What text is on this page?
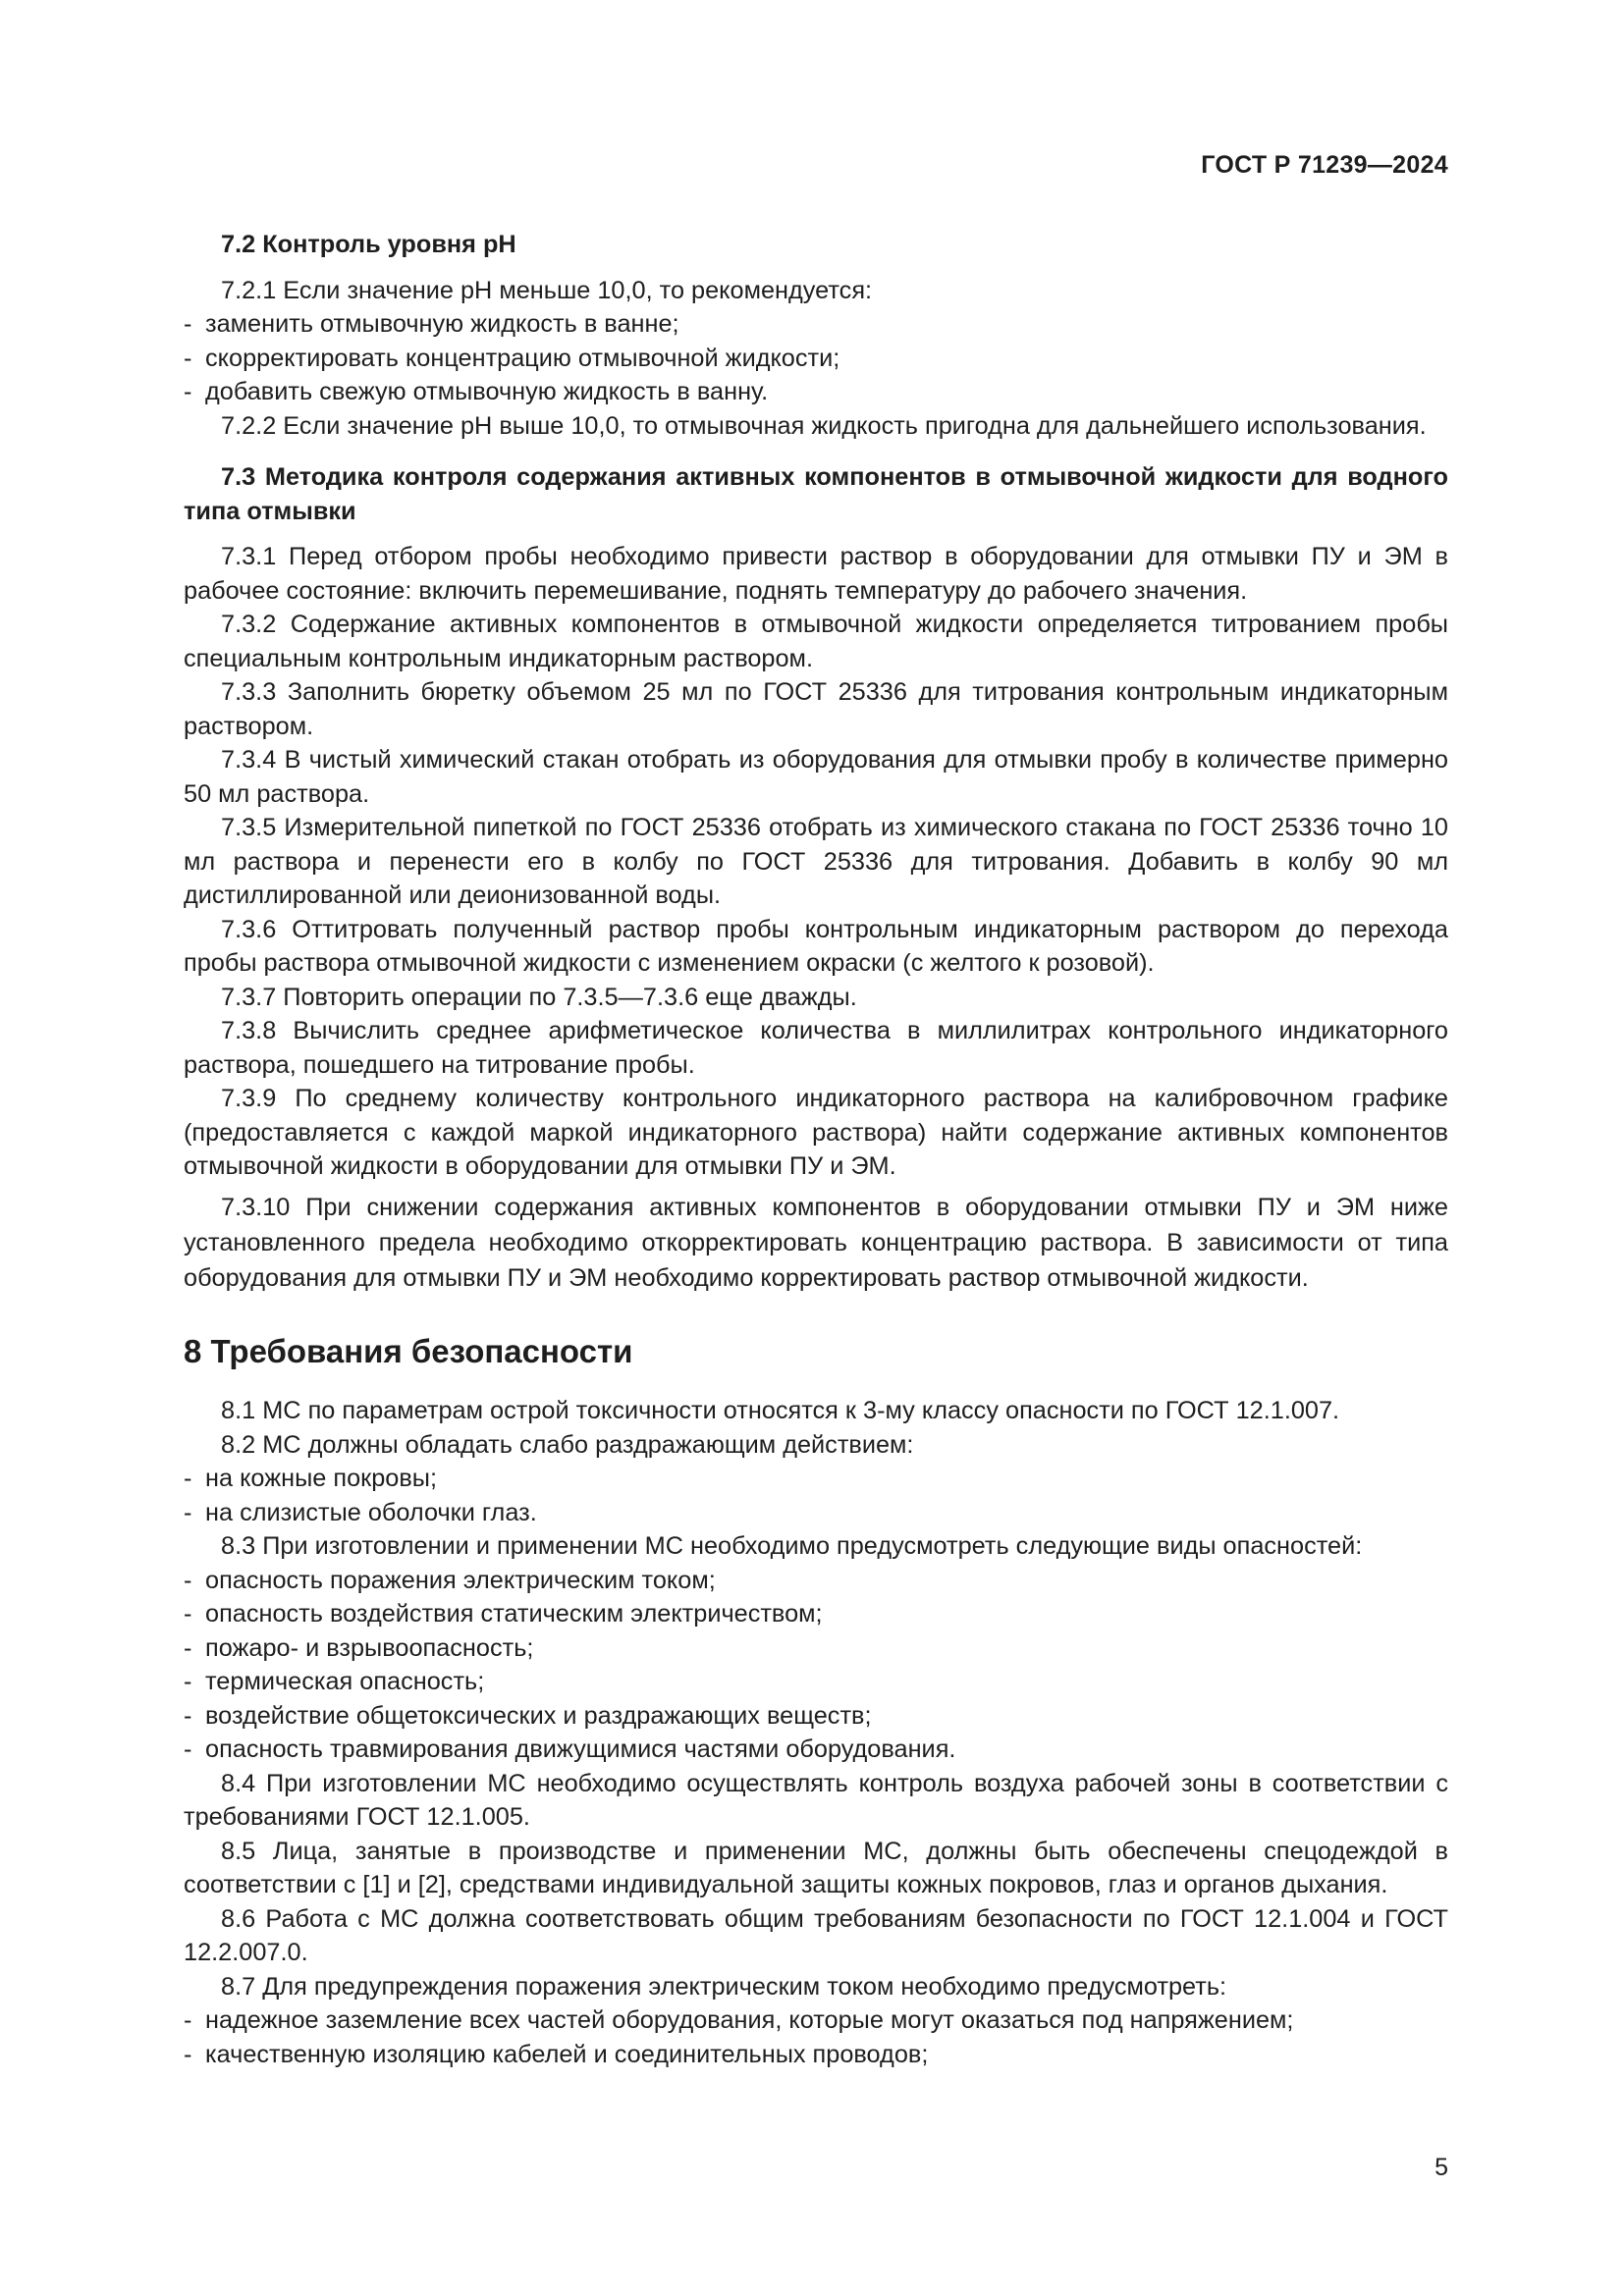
ГОСТ Р 71239—2024

7.2 Контроль уровня pH

7.2.1 Если значение pH меньше 10,0, то рекомендуется:

- заменить отмывочную жидкость в ванне;
- скорректировать концентрацию отмывочной жидкости;
- добавить свежую отмывочную жидкость в ванну.

7.2.2 Если значение pH выше 10,0, то отмывочная жидкость пригодна для дальнейшего использования.

7.3 Методика контроля содержания активных компонентов в отмывочной жидкости для водного типа отмывки

7.3.1 Перед отбором пробы необходимо привести раствор в оборудовании для отмывки ПУ и ЭМ в рабочее состояние: включить перемешивание, поднять температуру до рабочего значения.

7.3.2 Содержание активных компонентов в отмывочной жидкости определяется титрованием пробы специальным контрольным индикаторным раствором.

7.3.3 Заполнить бюретку объемом 25 мл по ГОСТ 25336 для титрования контрольным индикаторным раствором.

7.3.4 В чистый химический стакан отобрать из оборудования для отмывки пробу в количестве примерно 50 мл раствора.

7.3.5 Измерительной пипеткой по ГОСТ 25336 отобрать из химического стакана по ГОСТ 25336 точно 10 мл раствора и перенести его в колбу по ГОСТ 25336 для титрования. Добавить в колбу 90 мл дистиллированной или деионизованной воды.

7.3.6 Оттитровать полученный раствор пробы контрольным индикаторным раствором до перехода пробы раствора отмывочной жидкости с изменением окраски (с желтого к розовой).

7.3.7 Повторить операции по 7.3.5—7.3.6 еще дважды.

7.3.8 Вычислить среднее арифметическое количества в миллилитрах контрольного индикаторного раствора, пошедшего на титрование пробы.

7.3.9 По среднему количеству контрольного индикаторного раствора на калибровочном графике (предоставляется с каждой маркой индикаторного раствора) найти содержание активных компонентов отмывочной жидкости в оборудовании для отмывки ПУ и ЭМ.

7.3.10 При снижении содержания активных компонентов в оборудовании отмывки ПУ и ЭМ ниже установленного предела необходимо откорректировать концентрацию раствора. В зависимости от типа оборудования для отмывки ПУ и ЭМ необходимо корректировать раствор отмывочной жидкости.

8 Требования безопасности

8.1 МС по параметрам острой токсичности относятся к 3-му классу опасности по ГОСТ 12.1.007.

8.2 МС должны обладать слабо раздражающим действием:

- на кожные покровы;
- на слизистые оболочки глаз.

8.3 При изготовлении и применении МС необходимо предусмотреть следующие виды опасностей:

- опасность поражения электрическим током;
- опасность воздействия статическим электричеством;
- пожаро- и взрывоопасность;
- термическая опасность;
- воздействие общетоксических и раздражающих веществ;
- опасность травмирования движущимися частями оборудования.

8.4 При изготовлении МС необходимо осуществлять контроль воздуха рабочей зоны в соответствии с требованиями ГОСТ 12.1.005.

8.5 Лица, занятые в производстве и применении МС, должны быть обеспечены спецодеждой в соответствии с [1] и [2], средствами индивидуальной защиты кожных покровов, глаз и органов дыхания.

8.6 Работа с МС должна соответствовать общим требованиям безопасности по ГОСТ 12.1.004 и ГОСТ 12.2.007.0.

8.7 Для предупреждения поражения электрическим током необходимо предусмотреть:

- надежное заземление всех частей оборудования, которые могут оказаться под напряжением;
- качественную изоляцию кабелей и соединительных проводов;
5
